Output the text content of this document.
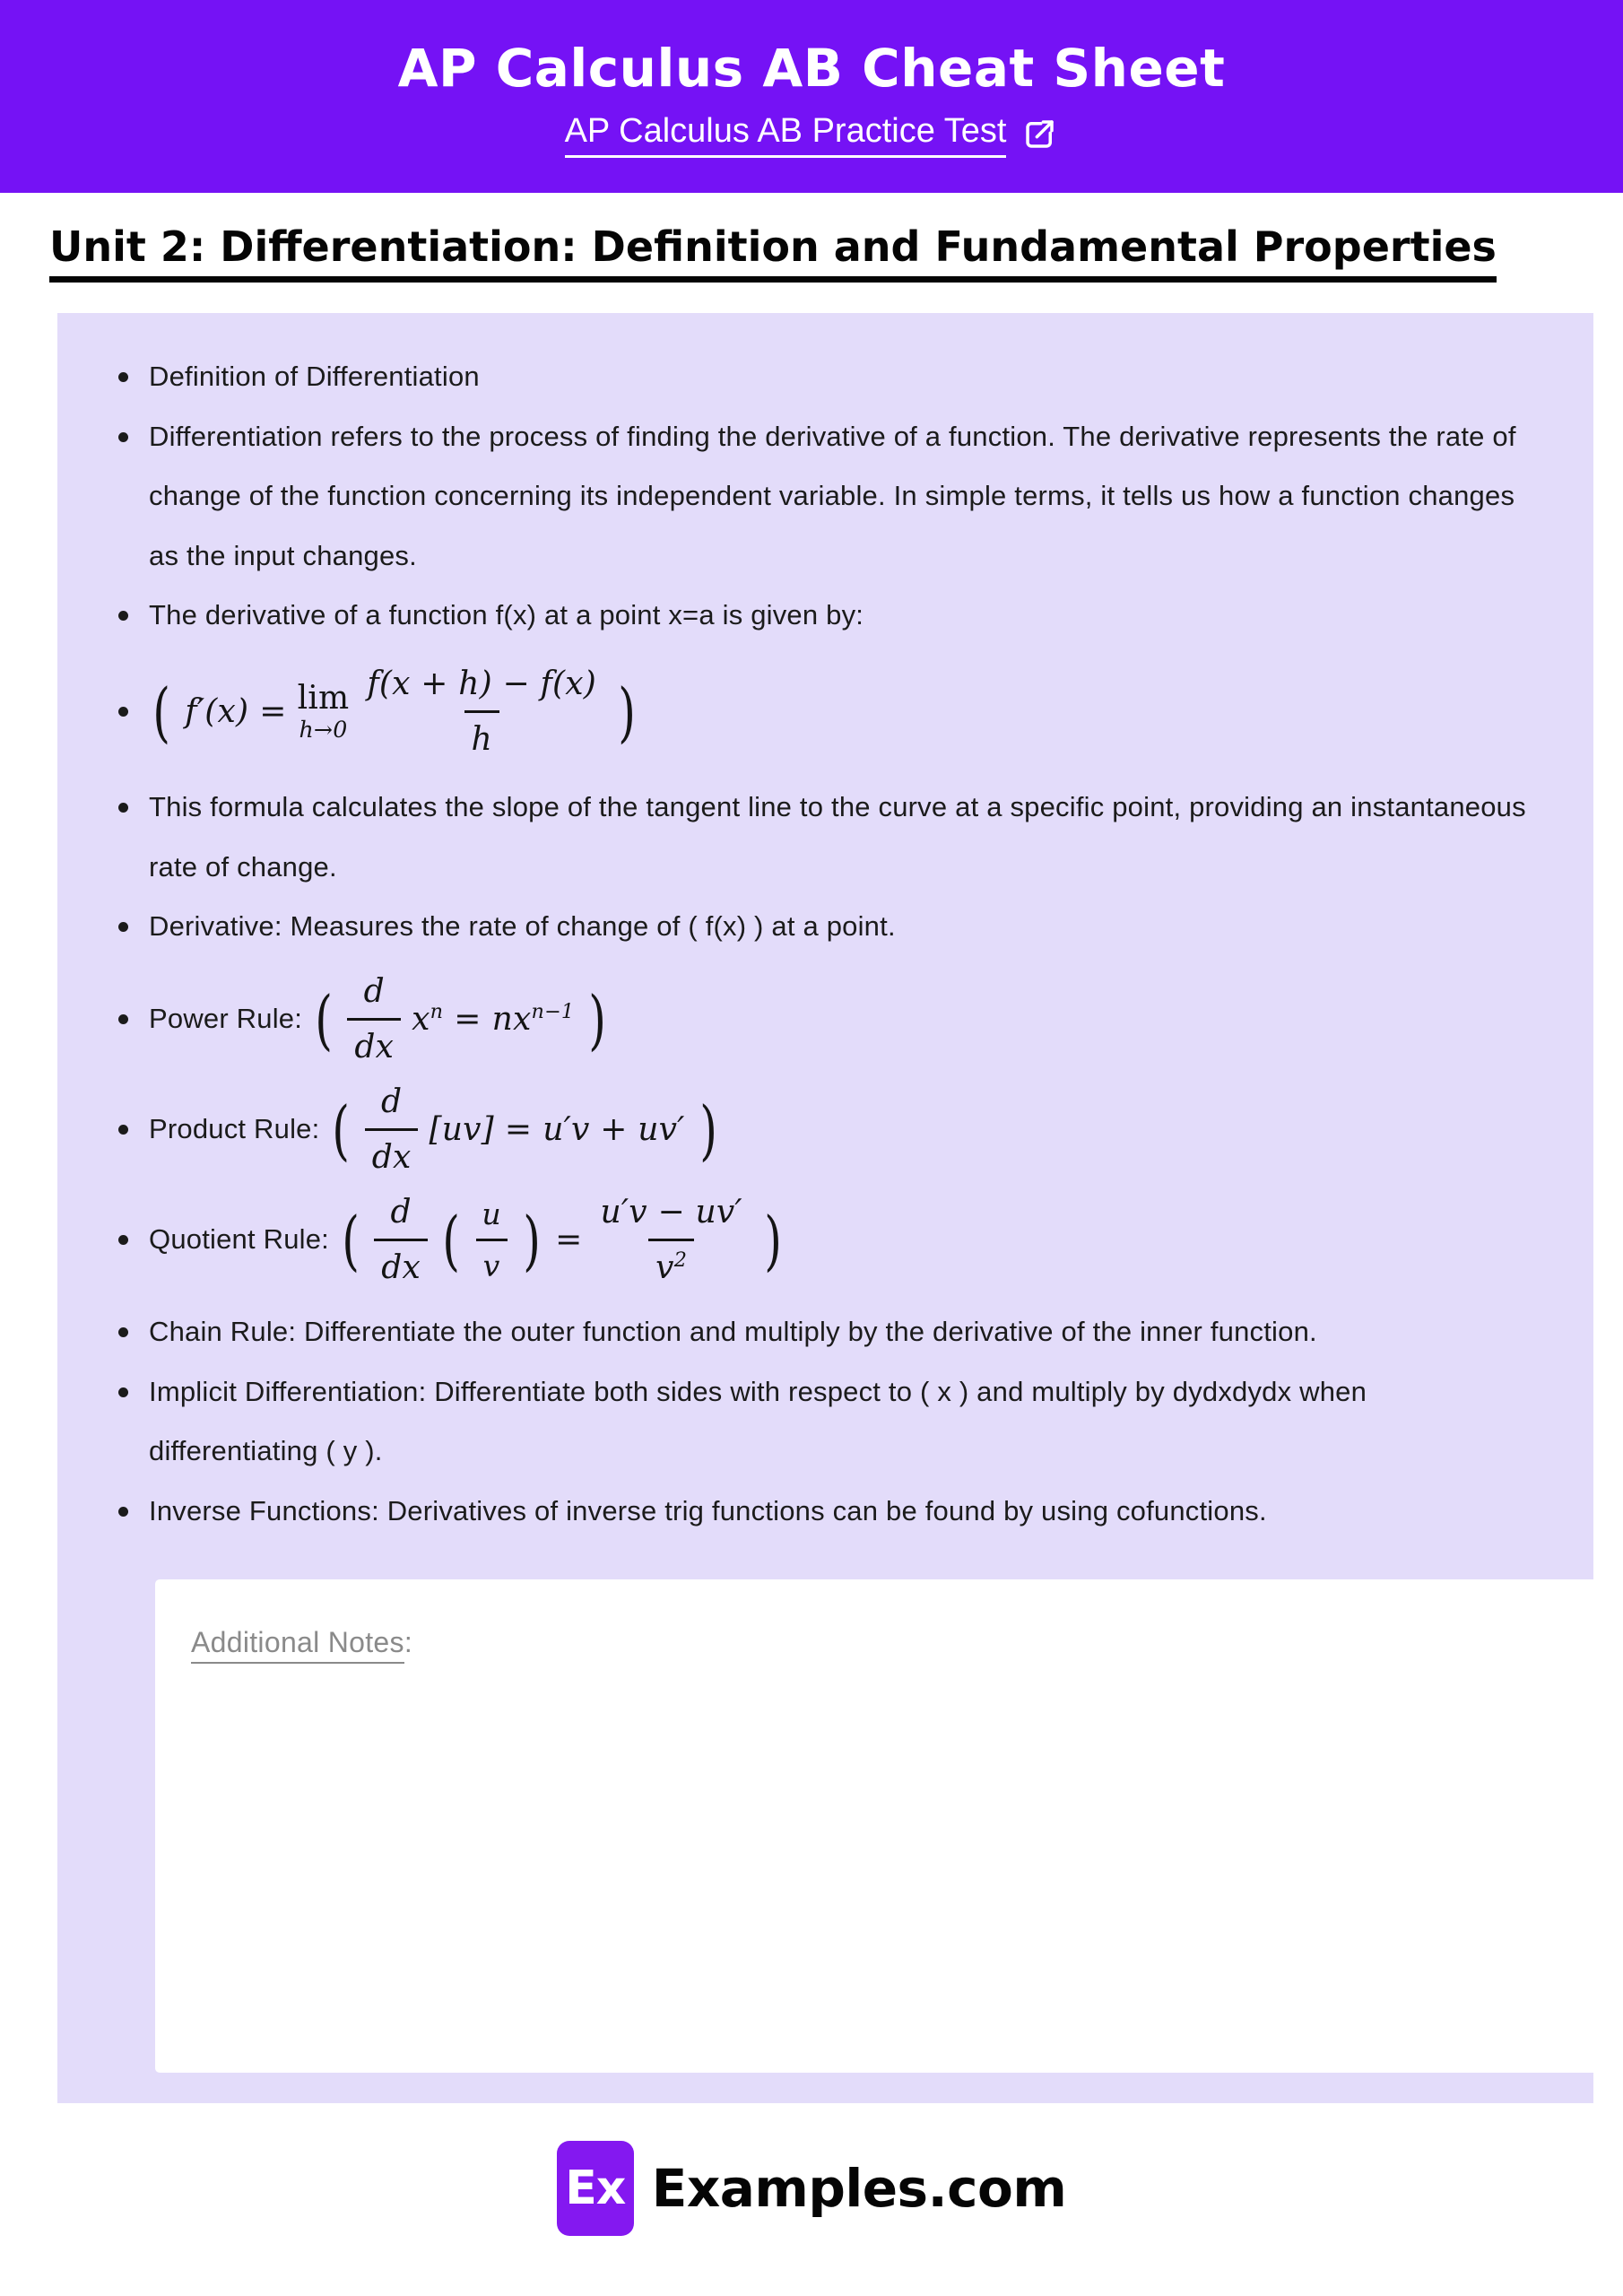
AP Calculus AB Cheat Sheet
AP Calculus AB Practice Test
Unit 2: Differentiation: Definition and Fundamental Properties
Definition of Differentiation
Differentiation refers to the process of finding the derivative of a function. The derivative represents the rate of change of the function concerning its independent variable. In simple terms, it tells us how a function changes as the input changes.
The derivative of a function f(x) at a point x=a is given by:
( f′(x) = lim
$h\to 0 \frac{f(x + h) - f(x)}{h}$ )
This formula calculates the slope of the tangent line to the curve at a specific point, providing an instantaneous rate of change.
Derivative: Measures the rate of change of ( f(x) ) at a point.
Power Rule: ( $\frac{d}{dx} x^n = nx^{n-1}$ )
Product Rule: ( $\frac{d}{dx} [uv] = u'v + uv'$ )
Quotient Rule: ( $\frac{d}{dx}$ ( $\frac{u}{v}$ ) = $\frac{u'v - uv'}{v^2}$ )
Chain Rule: Differentiate the outer function and multiply by the derivative of the inner function.
Implicit Differentiation: Differentiate both sides with respect to ( x ) and multiply by dydxdydx when differentiating ( y ).
Inverse Functions: Derivatives of inverse trig functions can be found by using cofunctions.
Additional Notes:
Ex Examples.com
